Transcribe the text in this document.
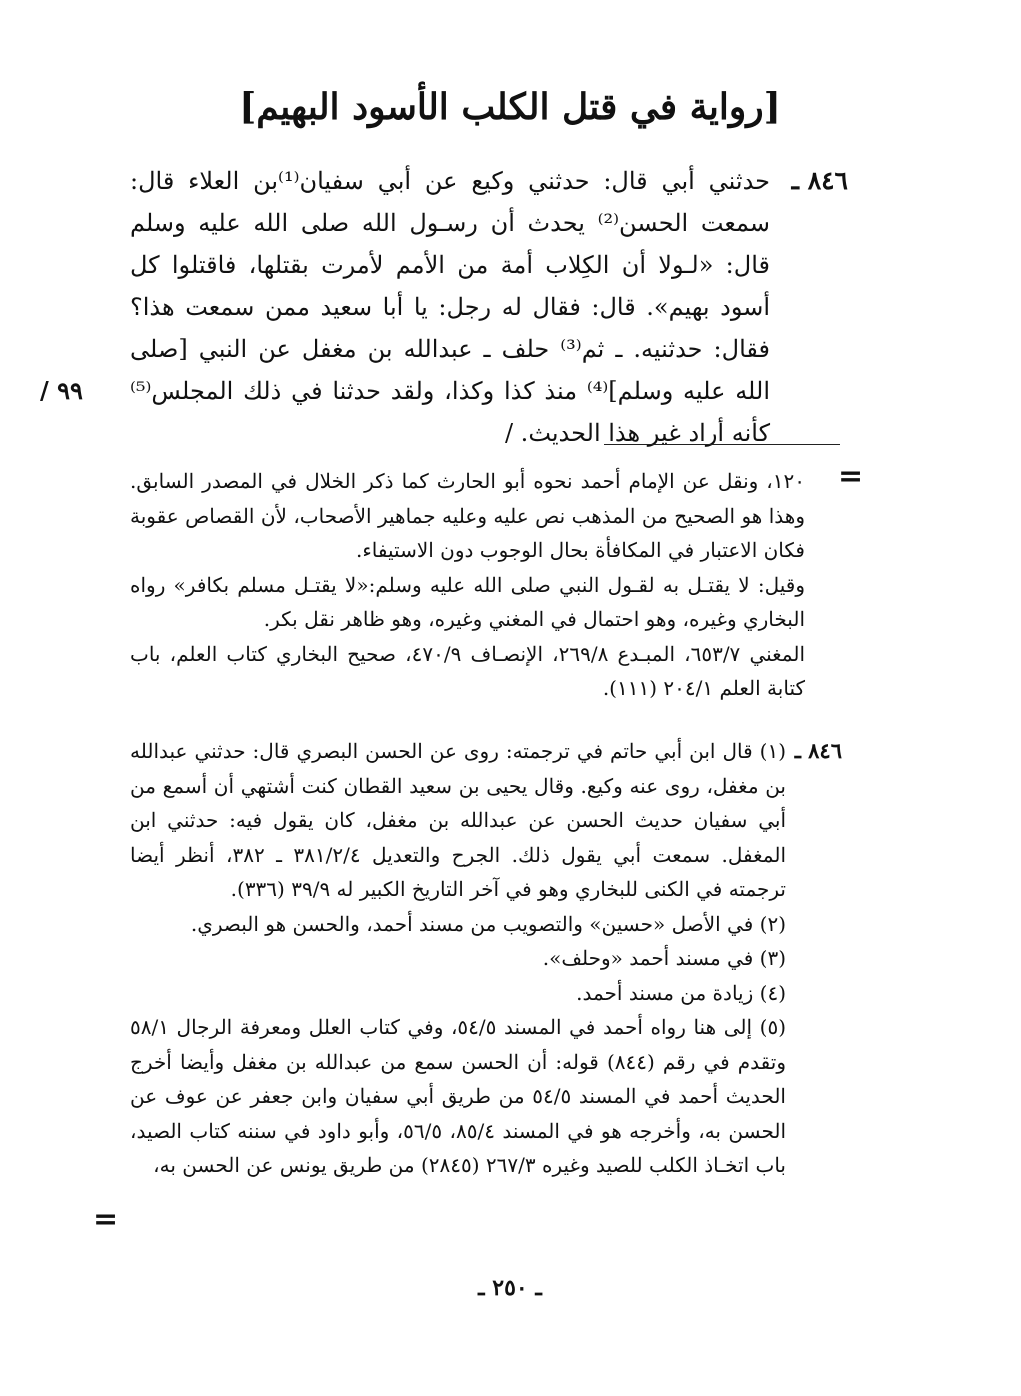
[رواية في قتل الكلب الأسود البهيم]
٨٤٦ ـ
حدثني أبي قال: حدثني وكيع عن أبي سفيان⁽¹⁾بن العلاء قال: سمعت الحسن⁽²⁾ يحدث أن رسـول الله صلى الله عليه وسلم قال: «لـولا أن الكِلاب أمة من الأمم لأمرت بقتلها، فاقتلوا كل أسود بهيم». قال: فقال له رجل: يا أبا سعيد ممن سمعت هذا؟ فقال: حدثنيه. ـ ثم⁽³⁾ حلف ـ عبدالله بن مغفل عن النبي [صلى الله عليه وسلم]⁽⁴⁾ منذ كذا وكذا، ولقد حدثنا في ذلك المجلس⁽⁵⁾ كأنه أراد غير هذا الحديث. /
/ ٩٩
=

١٢٠، ونقل عن الإمام أحمد نحوه أبو الحارث كما ذكر الخلال في المصدر السابق. وهذا هو الصحيح من المذهب نص عليه وعليه جماهير الأصحاب، لأن القصاص عقوبة فكان الاعتبار في المكافأة بحال الوجوب دون الاستيفاء.

وقيل: لا يقتـل به لقـول النبي صلى الله عليه وسلم:«لا يقتـل مسلم بكافر» رواه البخاري وغيره، وهو احتمال في المغني وغيره، وهو ظاهر نقل بكر.

المغني ٦٥٣/٧، المبـدع ٢٦٩/٨، الإنصـاف ٤٧٠/٩، صحيح البخاري كتاب العلم، باب كتابة العلم ٢٠٤/١ (١١١).

٨٤٦ ـ

(١) قال ابن أبي حاتم في ترجمته: روى عن الحسن البصري قال: حدثني عبدالله بن مغفل، روى عنه وكيع. وقال يحيى بن سعيد القطان كنت أشتهي أن أسمع من أبي سفيان حديث الحسن عن عبدالله بن مغفل، كان يقول فيه: حدثني ابن المغفل. سمعت أبي يقول ذلك. الجرح والتعديل ٣٨١/٢/٤ ـ ٣٨٢، أنظر أيضا ترجمته في الكنى للبخاري وهو في آخر التاريخ الكبير له ٣٩/٩ (٣٣٦).

(٢) في الأصل «حسين» والتصويب من مسند أحمد، والحسن هو البصري.

(٣) في مسند أحمد «وحلف».

(٤) زيادة من مسند أحمد.

(٥) إلى هنا رواه أحمد في المسند ٥٤/٥، وفي كتاب العلل ومعرفة الرجال ٥٨/١ وتقدم في رقم (٨٤٤) قوله: أن الحسن سمع من عبدالله بن مغفل وأيضا أخرج الحديث أحمد في المسند ٥٤/٥ من طريق أبي سفيان وابن جعفر عن عوف عن الحسن به، وأخرجه هو في المسند ٨٥/٤، ٥٦/٥، وأبو داود في سننه كتاب الصيد، باب اتخـاذ الكلب للصيد وغيره ٢٦٧/٣ (٢٨٤٥) من طريق يونس عن الحسن به،

=
ـ ٢٥٠ ـ
